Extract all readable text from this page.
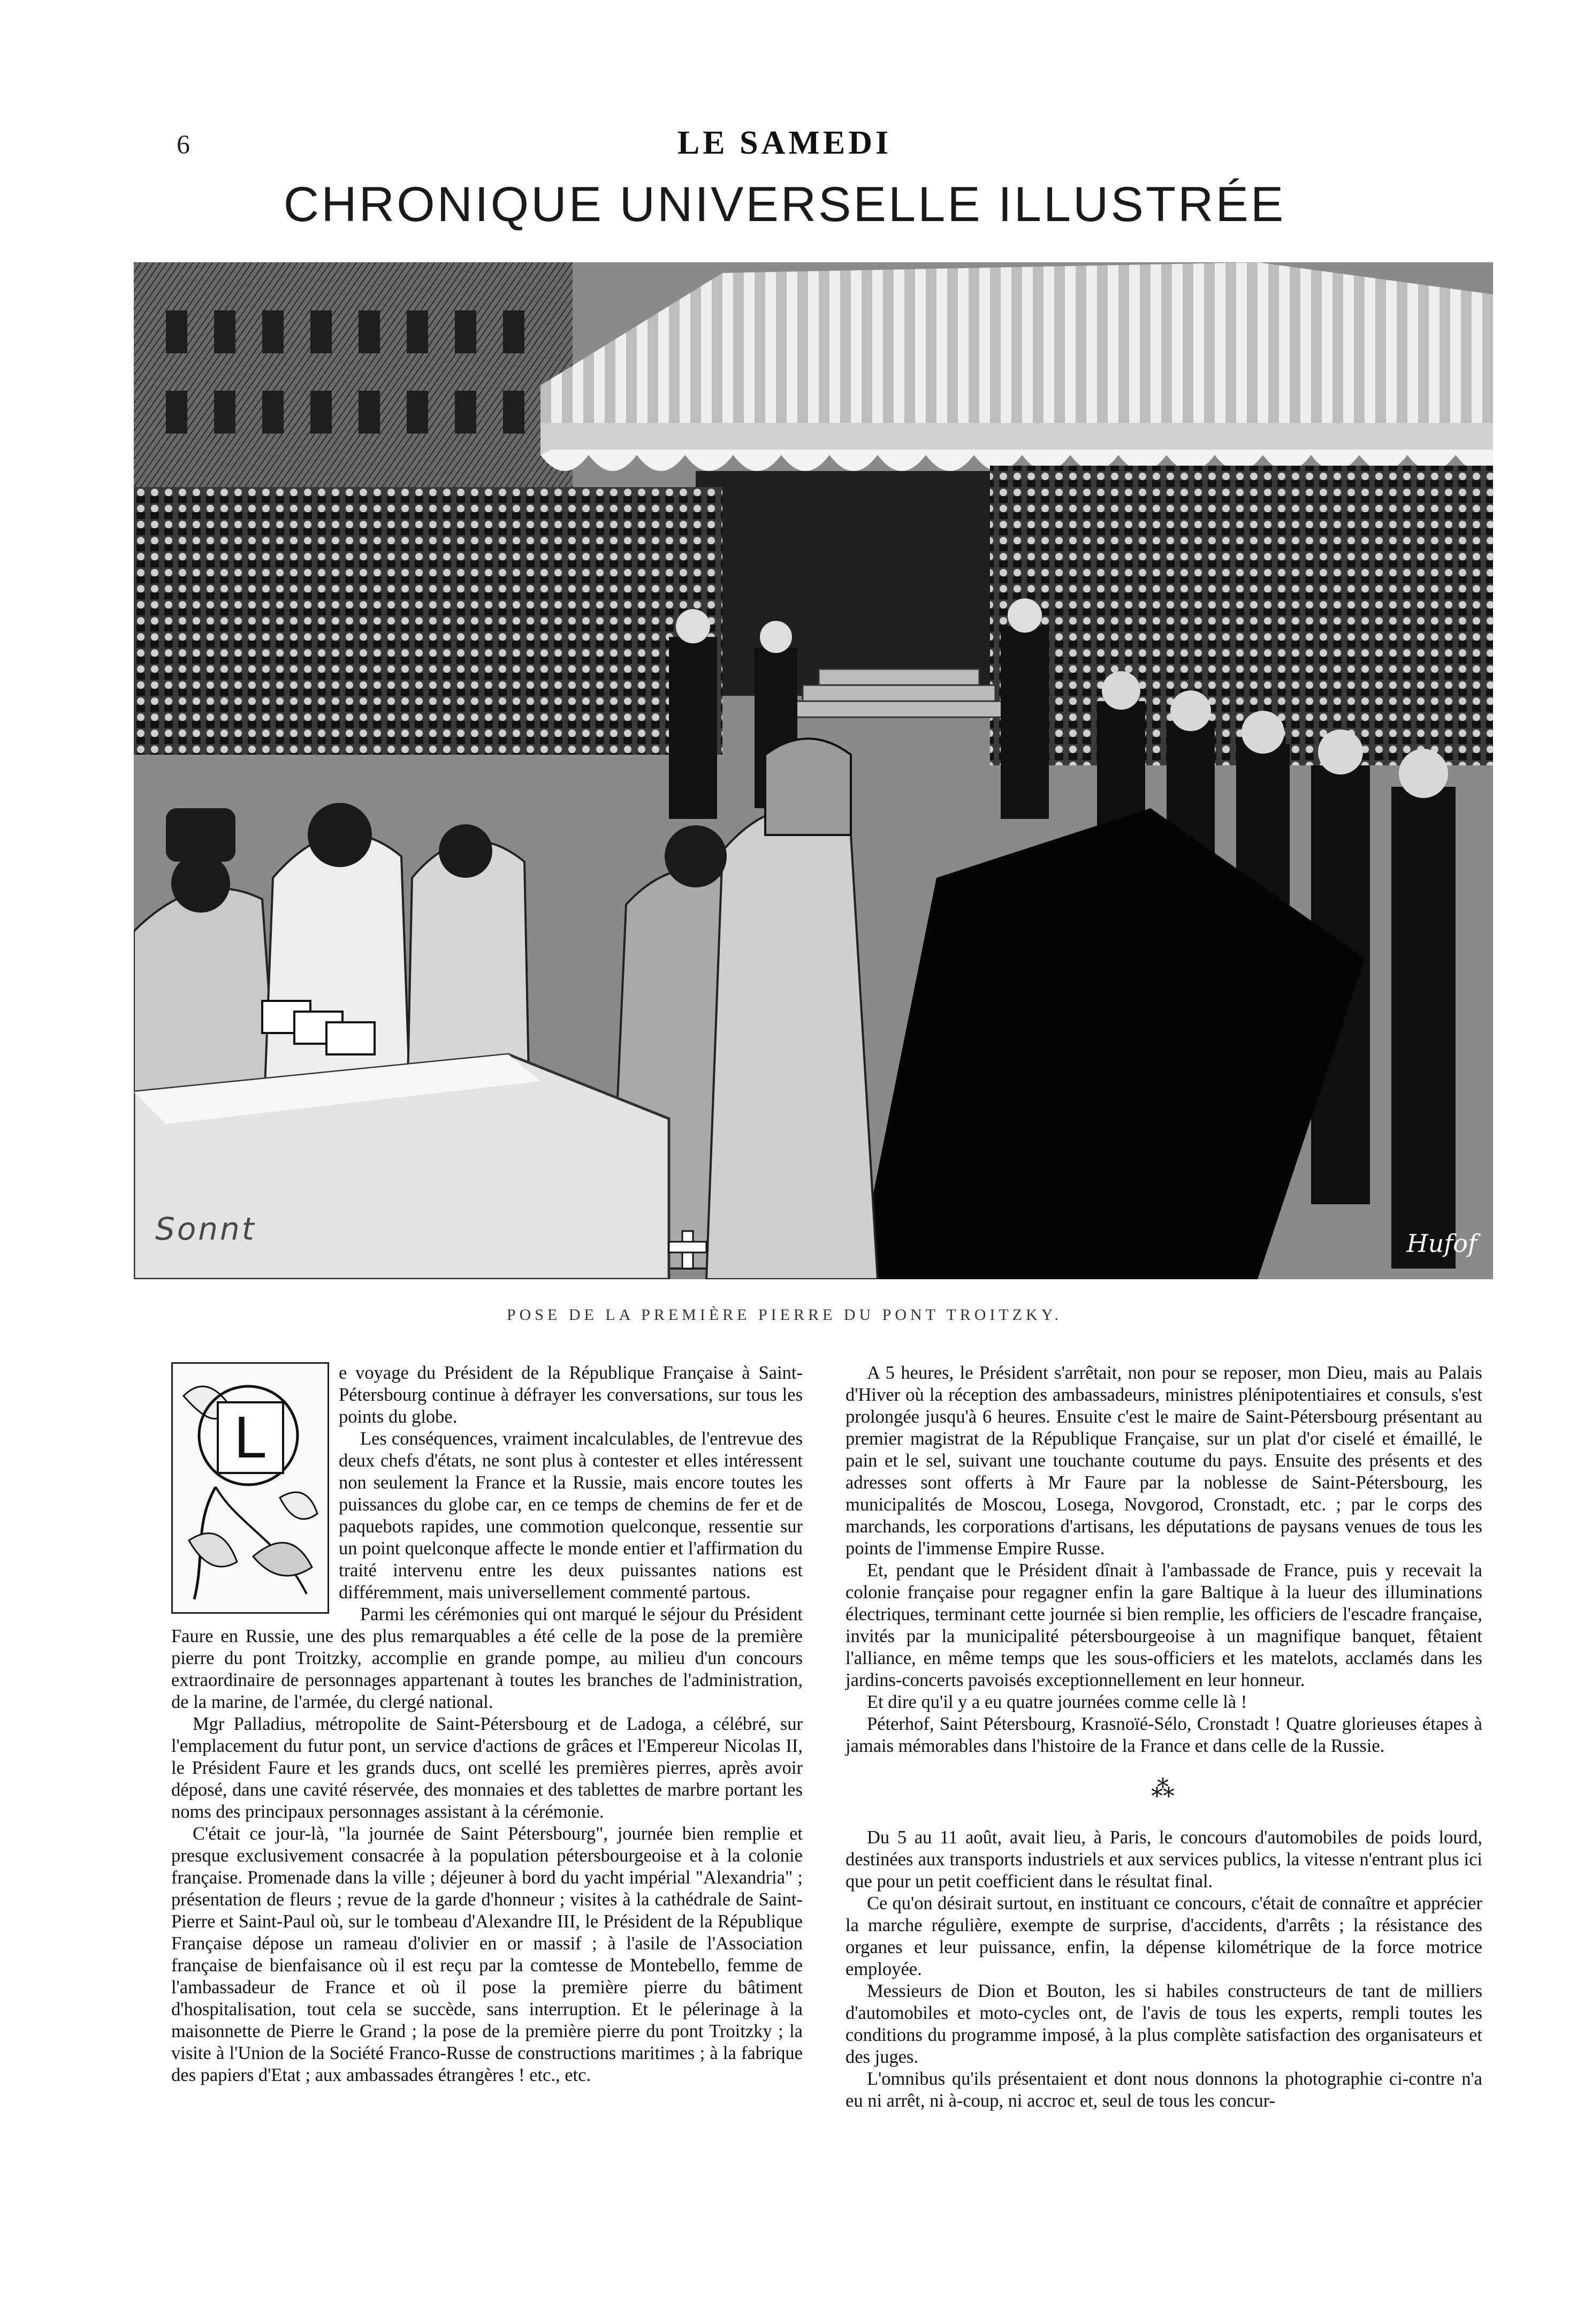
6	LE SAMEDI
CHRONIQUE UNIVERSELLE ILLUSTRÉE
Sonnt	Hufof
POSE DE LA PREMIÈRE PIERRE DU PONT TROITZKY.
L

e voyage du Président de la République Française à Saint-Pétersbourg continue à défrayer les conversations, sur tous les points du globe.

Les conséquences, vraiment incalculables, de l'entrevue des deux chefs d'états, ne sont plus à contester et elles intéressent non seulement la France et la Russie, mais encore toutes les puissances du globe car, en ce temps de chemins de fer et de paquebots rapides, une commotion quelconque, ressentie sur un point quelconque affecte le monde entier et l'affirmation du traité intervenu entre les deux puissantes nations est différemment, mais universellement commenté partous.

Parmi les cérémonies qui ont marqué le séjour du Président Faure en Russie, une des plus remarquables a été celle de la pose de la première pierre du pont Troitzky, accomplie en grande pompe, au milieu d'un concours extraordinaire de personnages appartenant à toutes les branches de l'administration, de la marine, de l'armée, du clergé national.

Mgr Palladius, métropolite de Saint-Pétersbourg et de Ladoga, a célébré, sur l'emplacement du futur pont, un service d'actions de grâces et l'Empereur Nicolas II, le Président Faure et les grands ducs, ont scellé les premières pierres, après avoir déposé, dans une cavité réservée, des monnaies et des tablettes de marbre portant les noms des principaux personnages assistant à la cérémonie.

C'était ce jour-là, "la journée de Saint Pétersbourg", journée bien remplie et presque exclusivement consacrée à la population pétersbourgeoise et à la colonie française. Promenade dans la ville ; déjeuner à bord du yacht impérial "Alexandria" ; présentation de fleurs ; revue de la garde d'honneur ; visites à la cathédrale de Saint-Pierre et Saint-Paul où, sur le tombeau d'Alexandre III, le Président de la République Française dépose un rameau d'olivier en or massif ; à l'asile de l'Association française de bienfaisance où il est reçu par la comtesse de Montebello, femme de l'ambassadeur de France et où il pose la première pierre du bâtiment d'hospitalisation, tout cela se succède, sans interruption. Et le pélerinage à la maisonnette de Pierre le Grand ; la pose de la première pierre du pont Troitzky ; la visite à l'Union de la Société Franco-Russe de constructions maritimes ; à la fabrique des papiers d'Etat ; aux ambassades étrangères ! etc., etc.

A 5 heures, le Président s'arrêtait, non pour se reposer, mon Dieu, mais au Palais d'Hiver où la réception des ambassadeurs, ministres plénipotentiaires et consuls, s'est prolongée jusqu'à 6 heures. Ensuite c'est le maire de Saint-Pétersbourg présentant au premier magistrat de la République Française, sur un plat d'or ciselé et émaillé, le pain et le sel, suivant une touchante coutume du pays. Ensuite des présents et des adresses sont offerts à Mr Faure par la noblesse de Saint-Pétersbourg, les municipalités de Moscou, Losega, Novgorod, Cronstadt, etc. ; par le corps des marchands, les corporations d'artisans, les députations de paysans venues de tous les points de l'immense Empire Russe.

Et, pendant que le Président dînait à l'ambassade de France, puis y recevait la colonie française pour regagner enfin la gare Baltique à la lueur des illuminations électriques, terminant cette journée si bien remplie, les officiers de l'escadre française, invités par la municipalité pétersbourgeoise à un magnifique banquet, fêtaient l'alliance, en même temps que les sous-officiers et les matelots, acclamés dans les jardins-concerts pavoisés exceptionnellement en leur honneur.

Et dire qu'il y a eu quatre journées comme celle là !

Péterhof, Saint Pétersbourg, Krasnoïé-Sélo, Cronstadt ! Quatre glorieuses étapes à jamais mémorables dans l'histoire de la France et dans celle de la Russie.

⁂

Du 5 au 11 août, avait lieu, à Paris, le concours d'automobiles de poids lourd, destinées aux transports industriels et aux services publics, la vitesse n'entrant plus ici que pour un petit coefficient dans le résultat final.

Ce qu'on désirait surtout, en instituant ce concours, c'était de connaître et apprécier la marche régulière, exempte de surprise, d'accidents, d'arrêts ; la résistance des organes et leur puissance, enfin, la dépense kilométrique de la force motrice employée.

Messieurs de Dion et Bouton, les si habiles constructeurs de tant de milliers d'automobiles et moto-cycles ont, de l'avis de tous les experts, rempli toutes les conditions du programme imposé, à la plus complète satisfaction des organisateurs et des juges.

L'omnibus qu'ils présentaient et dont nous donnons la photographie ci-contre n'a eu ni arrêt, ni à-coup, ni accroc et, seul de tous les concur-
